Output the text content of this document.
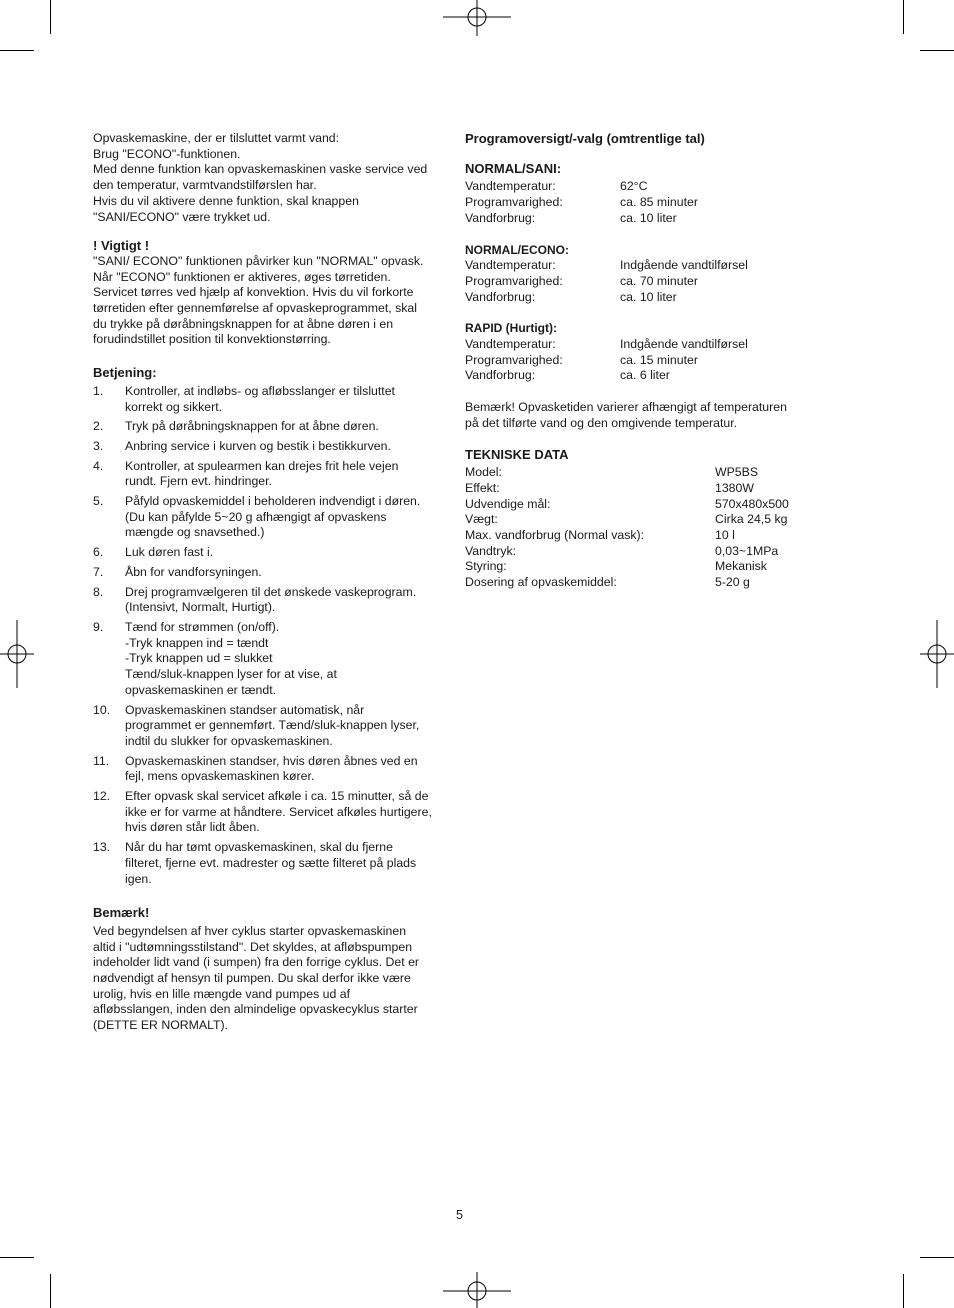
Opvaskemaskine, der er tilsluttet varmt vand:

Brug "ECONO"-funktionen.

Med denne funktion kan opvaskemaskinen vaske service ved

den temperatur, varmtvandstilførslen har.

Hvis du vil aktivere denne funktion, skal knappen

"SANI/ECONO" være trykket ud.

! Vigtigt !

"SANI/ ECONO" funktionen påvirker kun "NORMAL" opvask.

Når "ECONO" funktionen er aktiveres, øges tørretiden.

Servicet tørres ved hjælp af konvektion. Hvis du vil forkorte

tørretiden efter gennemførelse af opvaskeprogrammet, skal

du trykke på døråbningsknappen for at åbne døren i en

forudindstillet position til konvektionstørring.

Betjening:

1. Kontroller, at indløbs- og afløbsslanger er tilsluttet
korrekt og sikkert.
2. Tryk på døråbningsknappen for at åbne døren.
3. Anbring service i kurven og bestik i bestikkurven.
4. Kontroller, at spulearmen kan drejes frit hele vejen
rundt. Fjern evt. hindringer.
5. Påfyld opvaskemiddel i beholderen indvendigt i døren.
(Du kan påfylde 5~20 g afhængigt af opvaskens
mængde og snavsethed.)
6. Luk døren fast i.
7. Åbn for vandforsyningen.
8. Drej programvælgeren til det ønskede vaskeprogram.
(Intensivt, Normalt, Hurtigt).
9. Tænd for strømmen (on/off).
-Tryk knappen ind = tændt
-Tryk knappen ud = slukket
Tænd/sluk-knappen lyser for at vise, at
opvaskemaskinen er tændt.
10. Opvaskemaskinen standser automatisk, når
programmet er gennemført. Tænd/sluk-knappen lyser,
indtil du slukker for opvaskemaskinen.
11. Opvaskemaskinen standser, hvis døren åbnes ved en
fejl, mens opvaskemaskinen kører.
12. Efter opvask skal servicet afkøle i ca. 15 minutter, så de
ikke er for varme at håndtere. Servicet afkøles hurtigere,
hvis døren står lidt åben.
13. Når du har tømt opvaskemaskinen, skal du fjerne
filteret, fjerne evt. madrester og sætte filteret på plads
igen.

Bemærk!

Ved begyndelsen af hver cyklus starter opvaskemaskinen

altid i "udtømningsstilstand". Det skyldes, at afløbspumpen

indeholder lidt vand (i sumpen) fra den forrige cyklus. Det er

nødvendigt af hensyn til pumpen. Du skal derfor ikke være

urolig, hvis en lille mængde vand pumpes ud af

afløbsslangen, inden den almindelige opvaskecyklus starter

(DETTE ER NORMALT).

Programoversigt/-valg (omtrentlige tal)

NORMAL/SANI:

Vandtemperatur:	62°C
Programvarighed:	ca. 85 minuter
Vandforbrug:	ca. 10 liter

NORMAL/ECONO:

Vandtemperatur:	Indgående vandtilførsel
Programvarighed:	ca. 70 minuter
Vandforbrug:	ca. 10 liter

RAPID (Hurtigt):

Vandtemperatur:	Indgående vandtilførsel
Programvarighed:	ca. 15 minuter
Vandforbrug:	ca. 6 liter

Bemærk! Opvasketiden varierer afhængigt af temperaturen

på det tilførte vand og den omgivende temperatur.

TEKNISKE DATA

Model:	WP5BS
Effekt:	1380W
Udvendige mål:	570x480x500
Vægt:	Cirka 24,5 kg
Max. vandforbrug (Normal vask):	10 l
Vandtryk:	0,03~1MPa
Styring:	Mekanisk
Dosering af opvaskemiddel:	5-20 g
5
